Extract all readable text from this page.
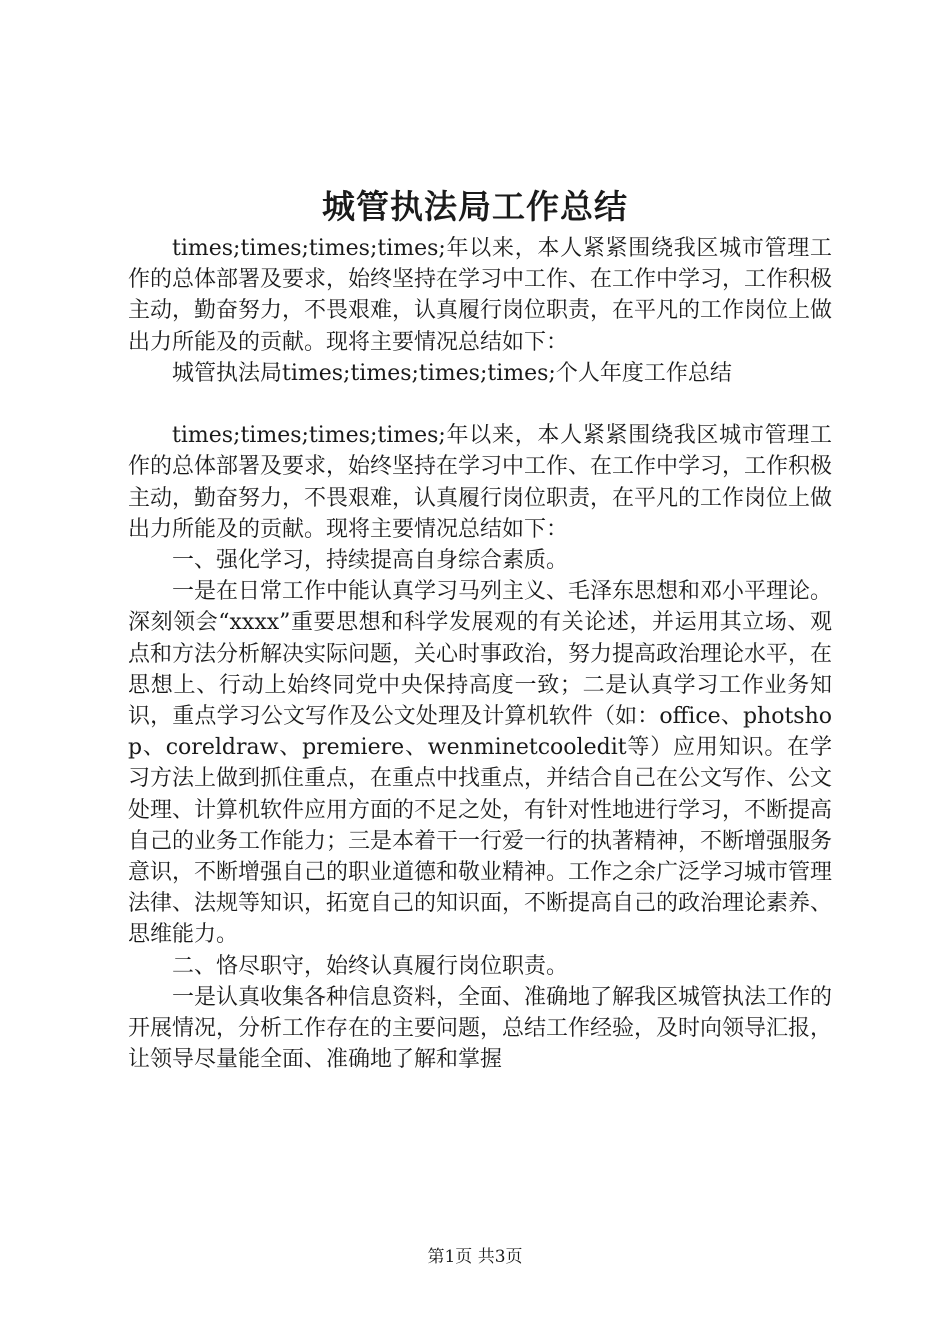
城管执法局工作总结

times;times;times;times;年以来，本人紧紧围绕我区城市管理工作的总体部署及要求，始终坚持在学习中工作、在工作中学习，工作积极主动，勤奋努力，不畏艰难，认真履行岗位职责，在平凡的工作岗位上做出力所能及的贡献。现将主要情况总结如下：

城管执法局times;times;times;times;个人年度工作总结

times;times;times;times;年以来，本人紧紧围绕我区城市管理工作的总体部署及要求，始终坚持在学习中工作、在工作中学习，工作积极主动，勤奋努力，不畏艰难，认真履行岗位职责，在平凡的工作岗位上做出力所能及的贡献。现将主要情况总结如下：

一、强化学习，持续提高自身综合素质。

一是在日常工作中能认真学习马列主义、毛泽东思想和邓小平理论。深刻领会“xxxx”重要思想和科学发展观的有关论述，并运用其立场、观点和方法分析解决实际问题，关心时事政治，努力提高政治理论水平，在思想上、行动上始终同党中央保持高度一致；二是认真学习工作业务知识，重点学习公文写作及公文处理及计算机软件（如：office、photshop、coreldraw、premiere、wenminetcooledit等）应用知识。在学习方法上做到抓住重点，在重点中找重点，并结合自己在公文写作、公文处理、计算机软件应用方面的不足之处，有针对性地进行学习，不断提高自己的业务工作能力；三是本着干一行爱一行的执著精神，不断增强服务意识，不断增强自己的职业道德和敬业精神。工作之余广泛学习城市管理法律、法规等知识，拓宽自己的知识面，不断提高自己的政治理论素养、思维能力。

二、恪尽职守，始终认真履行岗位职责。

一是认真收集各种信息资料，全面、准确地了解我区城管执法工作的开展情况，分析工作存在的主要问题，总结工作经验，及时向领导汇报，让领导尽量能全面、准确地了解和掌握

第1页 共3页
